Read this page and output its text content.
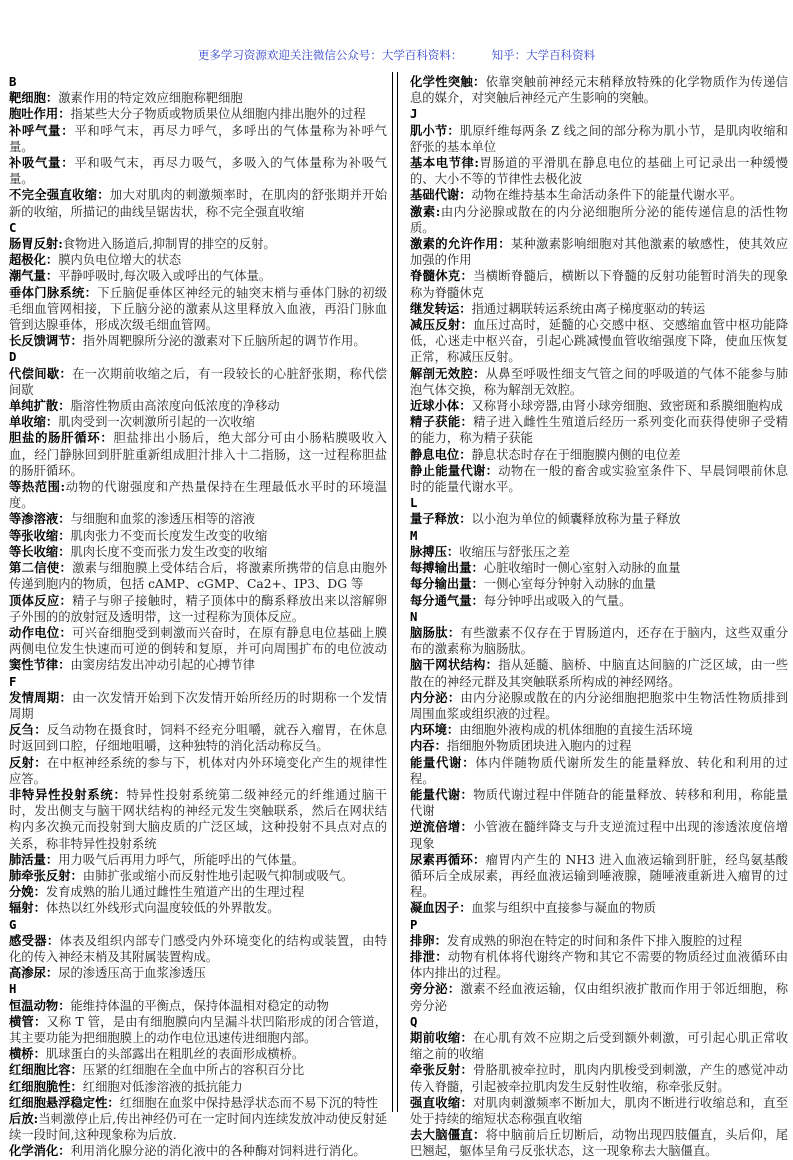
更多学习资源欢迎关注微信公众号：大学百科资料：        知乎：大学百科资料
B
靶细胞：激素作用的特定效应细胞称靶细胞
胞吐作用：指某些大分子物质或物质果位从细胞内排出胞外的过程
补呼气量：平和呼气末，再尽力呼气，多呼出的气体量称为补呼气量。
补吸气量：平和吸气末，再尽力吸气，多吸入的气体量称为补吸气量。
不完全强直收缩：加大对肌肉的刺激频率时，在肌肉的舒张期并开始新的收缩，所描记的曲线呈锯齿状，称不完全强直收缩
C
肠胃反射:食物进入肠道后,抑制胃的排空的反射。
超极化：膜内负电位增大的状态
潮气量：平静呼吸时,每次吸入或呼出的气体量。
垂体门脉系统：下丘脑促垂体区神经元的轴突末梢与垂体门脉的初级毛细血管网相接，下丘脑分泌的激素从这里释放入血液，再沿门脉血管到达腺垂体，形成次级毛细血管网。
长反馈调节：指外周靶腺所分泌的激素对下丘脑所起的调节作用。
D
代偿间歇：在一次期前收缩之后，有一段较长的心脏舒张期，称代偿间歇
单纯扩散：脂溶性物质由高浓度向低浓度的净移动
单收缩：肌肉受到一次刺激所引起的一次收缩
胆盐的肠肝循环：胆盐排出小肠后，绝大部分可由小肠粘膜吸收入血，经门静脉回到肝脏重新组成胆汁排入十二指肠，这一过程称胆盐的肠肝循环。
等热范围:动物的代谢强度和产热量保持在生理最低水平时的环境温度。
等渗溶液：与细胞和血浆的渗透压相等的溶液
等张收缩：肌肉张力不变而长度发生改变的收缩
等长收缩：肌肉长度不变而张力发生改变的收缩
第二信使：激素与细胞膜上受体结合后，将激素所携带的信息由胞外传递到胞内的物质，包括 cAMP、cGMP、Ca2+、IP3、DG 等
顶体反应：精子与卵子接触时，精子顶体中的酶系释放出来以溶解卵子外围的的放射冠及透明带，这一过程称为顶体反应。
动作电位：可兴奋细胞受到刺激而兴奋时，在原有静息电位基础上膜两侧电位发生快速而可逆的倒转和复原，并可向周围扩布的电位波动窦性节律：由窦房结发出冲动引起的心搏节律
F
发情周期：由一次发情开始到下次发情开始所经历的时期称一个发情周期
反刍：反刍动物在摄食时，饲料不经充分咀嚼，就吞入瘤胃，在休息时返回到口腔，仔细地咀嚼，这种独特的消化活动称反刍。
反射：在中枢神经系统的参与下，机体对内外环境变化产生的规律性应答。
非特异性投射系统：特异性投射系统第二级神经元的纤维通过脑干时，发出侧支与脑干网状结构的神经元发生突触联系，然后在网状结构内多次换元而投射到大脑皮质的广泛区域，这种投射不具点对点的关系，称非特异性投射系统
肺活量：用力吸气后再用力呼气，所能呼出的气体量。
肺牵张反射：由肺扩张或缩小而反射性地引起吸气抑制或吸气。
分娩：发育成熟的胎儿通过雌性生殖道产出的生理过程
辐射：体热以红外线形式向温度较低的外界散发。
G
感受器：体表及组织内部专门感受内外环境变化的结构或装置，由特化的传入神经末梢及其附属装置构成。
高渗尿：尿的渗透压高于血浆渗透压
H
恒温动物：能维持体温的平衡点，保持体温相对稳定的动物
横管：又称 T 管，是由有细胞膜向内呈漏斗状凹陷形成的闭合管道，其主要功能为把细胞膜上的动作电位迅速传进细胞内部。
横桥：肌球蛋白的头部露出在粗肌丝的表面形成横桥。
红细胞比容：压紧的红细胞在全血中所占的容积百分比
红细胞脆性：红细胞对低渗溶液的抵抗能力
红细胞悬浮稳定性：红细胞在血浆中保持悬浮状态而不易下沉的特性
后放:当刺激停止后,传出神经仍可在一定时间内连续发放冲动使反射延续一段时间,这种现象称为后放.
化学消化：利用消化腺分泌的消化液中的各种酶对饲料进行消化。
化学性突触：依靠突触前神经元末稍释放特殊的化学物质作为传递信息的媒介，对突触后神经元产生影响的突触。
J
肌小节：肌原纤维每两条 Z 线之间的部分称为肌小节，是肌肉收缩和舒张的基本单位
基本电节律:胃肠道的平滑肌在静息电位的基础上可记录出一种缓慢的、大小不等的节律性去极化波
基础代谢：动物在维持基本生命活动条件下的能量代谢水平。
激素:由内分泌腺或散在的内分泌细胞所分泌的能传递信息的活性物质。
激素的允许作用：某种激素影响细胞对其他激素的敏感性，使其效应加强的作用
脊髓休克：当横断脊髓后，横断以下脊髓的反射功能暂时消失的现象称为脊髓休克
继发转运：指通过耦联转运系统由离子梯度驱动的转运
减压反射：血压过高时，延髓的心交感中枢、交感缩血管中枢功能降低，心迷走中枢兴奋，引起心跳减慢血管收缩强度下降，使血压恢复正常，称减压反射。
解剖无效腔：从鼻至呼吸性细支气管之间的呼吸道的气体不能参与肺泡气体交换，称为解剖无效腔。
近球小体：又称肾小球旁器,由肾小球旁细胞、致密斑和系膜细胞构成
精子获能：精子进入雌性生殖道后经历一系列变化而获得使卵子受精的能力，称为精子获能
静息电位：静息状态时存在于细胞膜内侧的电位差
静止能量代谢：动物在一般的畜舍或实验室条件下、早晨饲喂前休息时的能量代谢水平。
L
量子释放：以小泡为单位的倾囊释放称为量子释放
M
脉搏压：收缩压与舒张压之差
每搏输出量：心脏收缩时一侧心室射入动脉的血量
每分输出量：一侧心室每分钟射入动脉的血量
每分通气量：每分钟呼出或吸入的气量。
N
脑肠肽：有些激素不仅存在于胃肠道内，还存在于脑内，这些双重分布的激素称为脑肠肽。
脑干网状结构：指从延髓、脑桥、中脑直达间脑的广泛区域，由一些散在的神经元群及其突触联系所构成的神经网络。
内分泌：由内分泌腺或散在的内分泌细胞把胞浆中生物活性物质排到周围血浆或组织液的过程。
内环境：由细胞外液构成的机体细胞的直接生活环境
内吞：指细胞外物质团块进入胞内的过程
能量代谢：体内伴随物质代谢所发生的能量释放、转化和利用的过程。
能量代谢：物质代谢过程中伴随旮的能量释放、转移和利用，称能量代谢
逆流倍增：小管液在髓绊降支与升支逆流过程中出现的渗透浓度倍增现象
尿素再循环：瘤胃内产生的 NH3 进入血液运输到肝脏，经鸟氨基酸循环后全成尿素，再经血液运输到唾液腺，随唾液重新进入瘤胃的过程。
凝血因子：血浆与组织中直接参与凝血的物质
P
排卵：发育成熟的卵泡在特定的时间和条件下排入腹腔的过程
排泄：动物有机体将代谢终产物和其它不需要的物质经过血液循环由体内排出的过程。
旁分泌：激素不经血液运输，仅由组织液扩散而作用于邻近细胞，称旁分泌
Q
期前收缩：在心肌有效不应期之后受到额外刺激，可引起心肌正常收缩之前的收缩
牵张反射：骨胳肌被牵拉时，肌肉内肌梭受到刺激，产生的感觉冲动传入脊髓，引起被牵拉肌肉发生反射性收缩，称牵张反射。
强直收缩：对肌肉刺激频率不断加大，肌肉不断进行收缩总和，直至处于持续的缩短状态称强直收缩
去大脑僵直：将中脑前后丘切断后，动物出现四肢僵直，头后仰，尾巴翘起，躯体呈角弓反张状态，这一现象称去大脑僵直。
